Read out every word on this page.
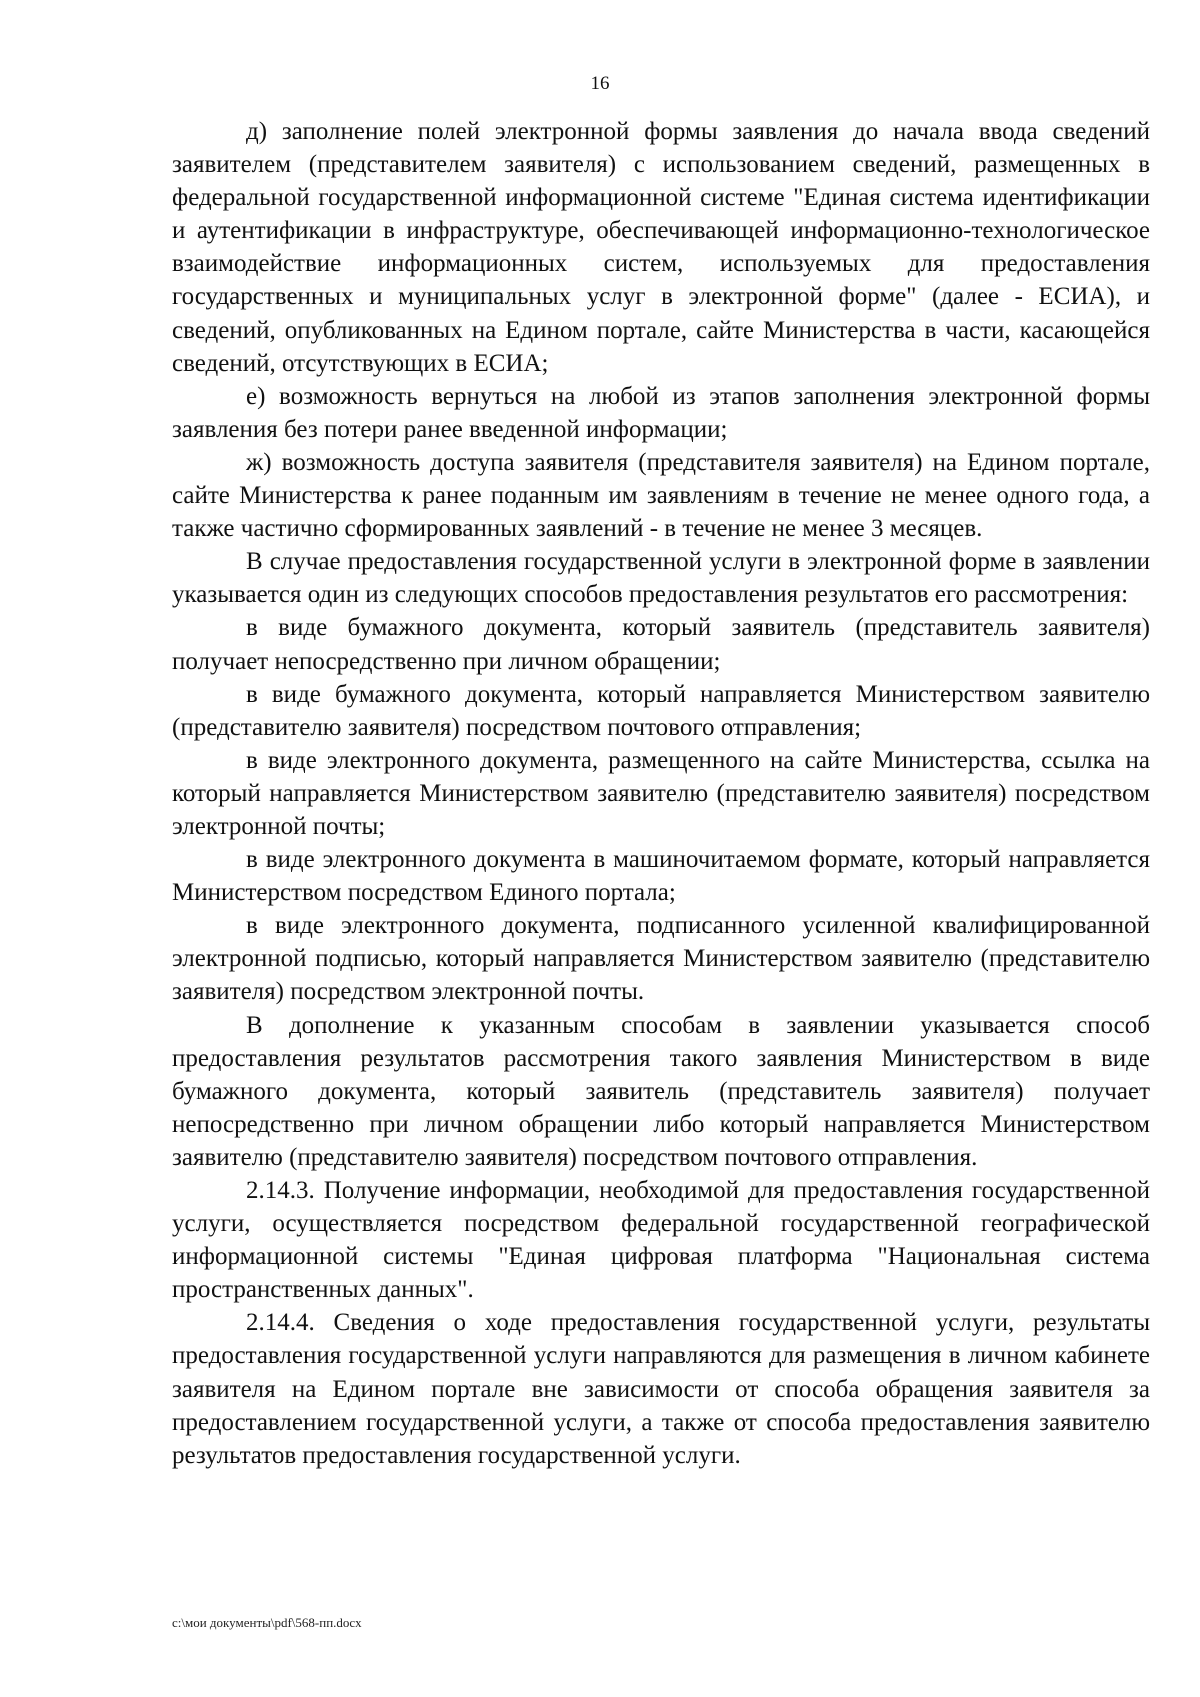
16

д) заполнение полей электронной формы заявления до начала ввода сведений заявителем (представителем заявителя) с использованием сведений, размещенных в федеральной государственной информационной системе "Единая система идентификации и аутентификации в инфраструктуре, обеспечивающей информационно-технологическое взаимодействие информационных систем, используемых для предоставления государственных и муниципальных услуг в электронной форме" (далее - ЕСИА), и сведений, опубликованных на Едином портале, сайте Министерства в части, касающейся сведений, отсутствующих в ЕСИА;

е) возможность вернуться на любой из этапов заполнения электронной формы заявления без потери ранее введенной информации;

ж) возможность доступа заявителя (представителя заявителя) на Едином портале, сайте Министерства к ранее поданным им заявлениям в течение не менее одного года, а также частично сформированных заявлений - в течение не менее 3 месяцев.

В случае предоставления государственной услуги в электронной форме в заявлении указывается один из следующих способов предоставления результатов его рассмотрения:

в виде бумажного документа, который заявитель (представитель заявителя) получает непосредственно при личном обращении;

в виде бумажного документа, который направляется Министерством заявителю (представителю заявителя) посредством почтового отправления;

в виде электронного документа, размещенного на сайте Министерства, ссылка на который направляется Министерством заявителю (представителю заявителя) посредством электронной почты;

в виде электронного документа в машиночитаемом формате, который направляется Министерством посредством Единого портала;

в виде электронного документа, подписанного усиленной квалифицированной электронной подписью, который направляется Министерством заявителю (представителю заявителя) посредством электронной почты.

В дополнение к указанным способам в заявлении указывается способ предоставления результатов рассмотрения такого заявления Министерством в виде бумажного документа, который заявитель (представитель заявителя) получает непосредственно при личном обращении либо который направляется Министерством заявителю (представителю заявителя) посредством почтового отправления.

2.14.3. Получение информации, необходимой для предоставления государственной услуги, осуществляется посредством федеральной государственной географической информационной системы "Единая цифровая платформа "Национальная система пространственных данных".

2.14.4. Сведения о ходе предоставления государственной услуги, результаты предоставления государственной услуги направляются для размещения в личном кабинете заявителя на Едином портале вне зависимости от способа обращения заявителя за предоставлением государственной услуги, а также от способа предоставления заявителю результатов предоставления государственной услуги.

c:\мои документы\pdf\568-пп.docx
